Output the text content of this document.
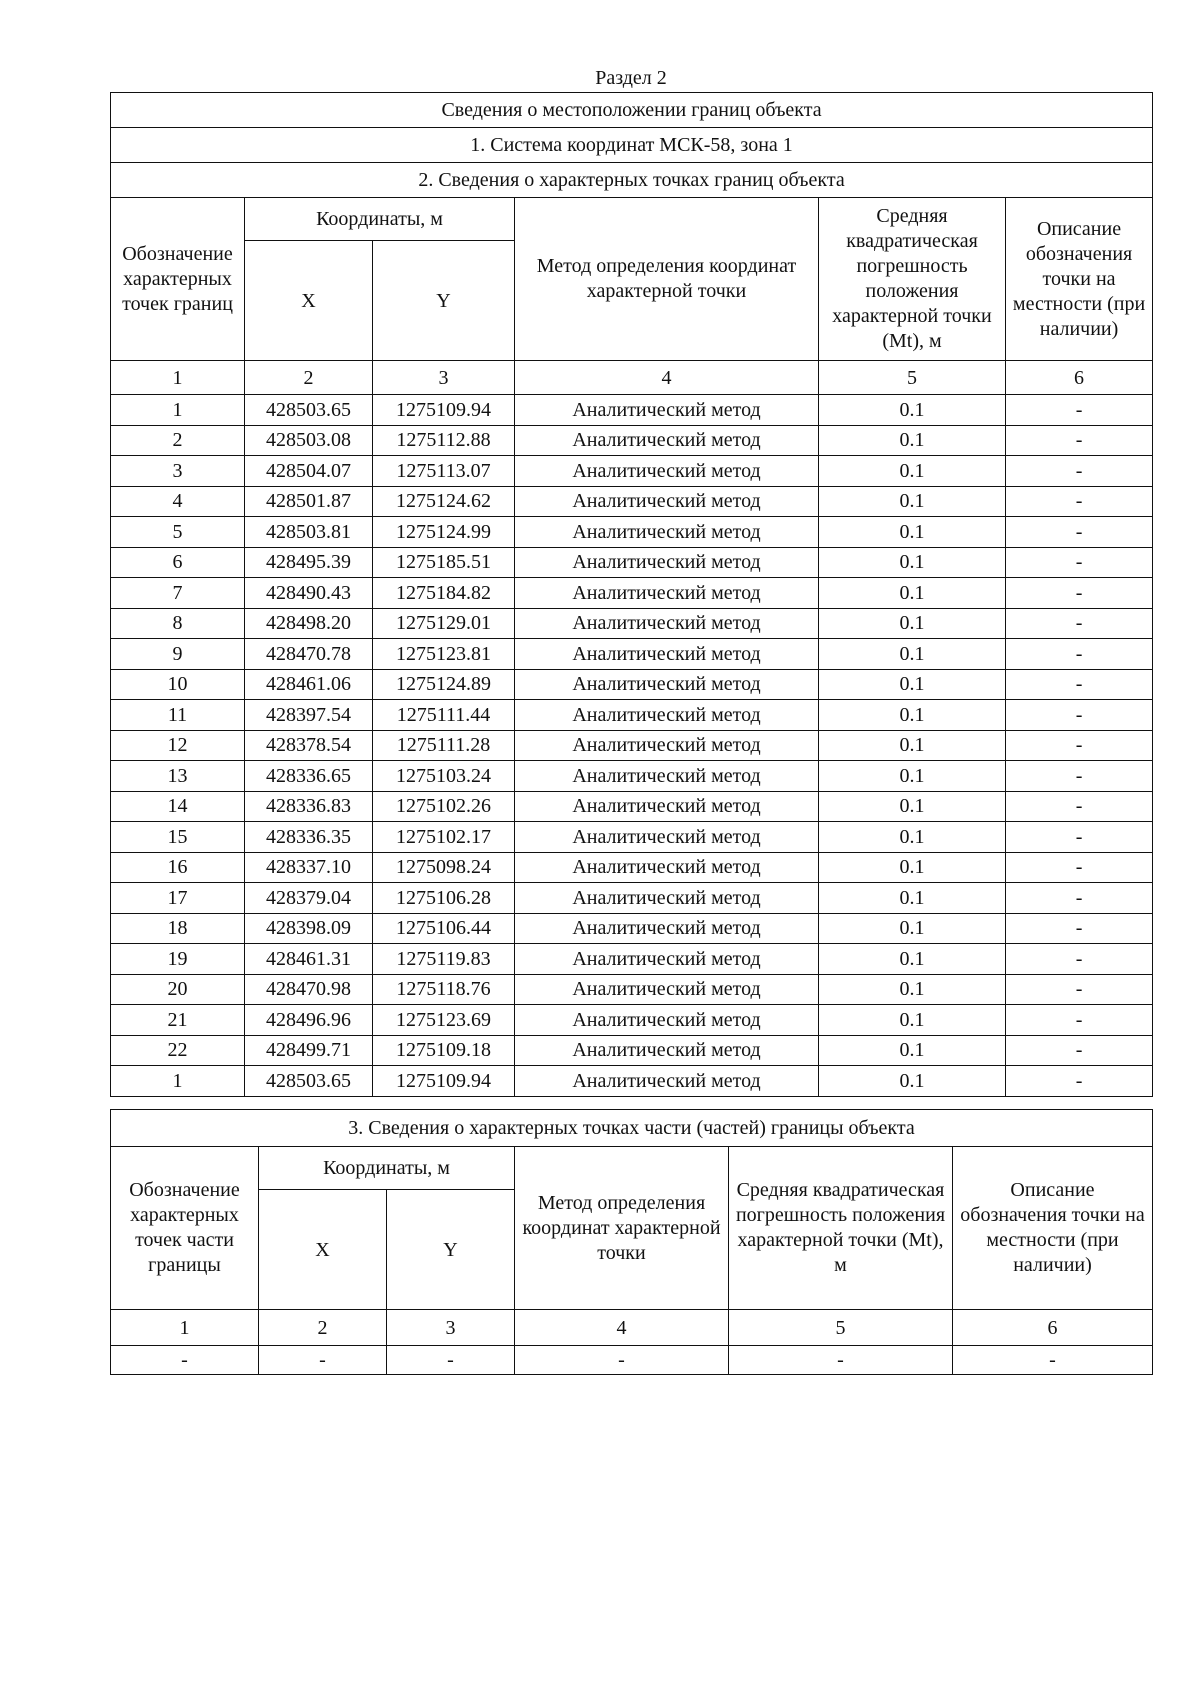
Раздел 2
Сведения о местоположении границ объекта					
1. Система координат МСК-58, зона 1					
2. Сведения о характерных точках границ объекта					
Обозначение характерных точек границ	Координаты, м		Метод определения координат характерной точки	Средняя квадратическая погрешность положения характерной точки (Mt), м	Описание обозначения точки на местности (при наличии)
	X	Y			
1	2	3	4	5	6
1	428503.65	1275109.94	Аналитический метод	0.1	-
2	428503.08	1275112.88	Аналитический метод	0.1	-
3	428504.07	1275113.07	Аналитический метод	0.1	-
4	428501.87	1275124.62	Аналитический метод	0.1	-
5	428503.81	1275124.99	Аналитический метод	0.1	-
6	428495.39	1275185.51	Аналитический метод	0.1	-
7	428490.43	1275184.82	Аналитический метод	0.1	-
8	428498.20	1275129.01	Аналитический метод	0.1	-
9	428470.78	1275123.81	Аналитический метод	0.1	-
10	428461.06	1275124.89	Аналитический метод	0.1	-
11	428397.54	1275111.44	Аналитический метод	0.1	-
12	428378.54	1275111.28	Аналитический метод	0.1	-
13	428336.65	1275103.24	Аналитический метод	0.1	-
14	428336.83	1275102.26	Аналитический метод	0.1	-
15	428336.35	1275102.17	Аналитический метод	0.1	-
16	428337.10	1275098.24	Аналитический метод	0.1	-
17	428379.04	1275106.28	Аналитический метод	0.1	-
18	428398.09	1275106.44	Аналитический метод	0.1	-
19	428461.31	1275119.83	Аналитический метод	0.1	-
20	428470.98	1275118.76	Аналитический метод	0.1	-
21	428496.96	1275123.69	Аналитический метод	0.1	-
22	428499.71	1275109.18	Аналитический метод	0.1	-
1	428503.65	1275109.94	Аналитический метод	0.1	-
3. Сведения о характерных точках части (частей) границы объекта					
Обозначение характерных точек части границы	Координаты, м		Метод определения координат характерной точки	Средняя квадратическая погрешность положения характерной точки (Mt), м	Описание обозначения точки на местности (при наличии)
	X	Y			
1	2	3	4	5	6
-	-	-	-	-	-
